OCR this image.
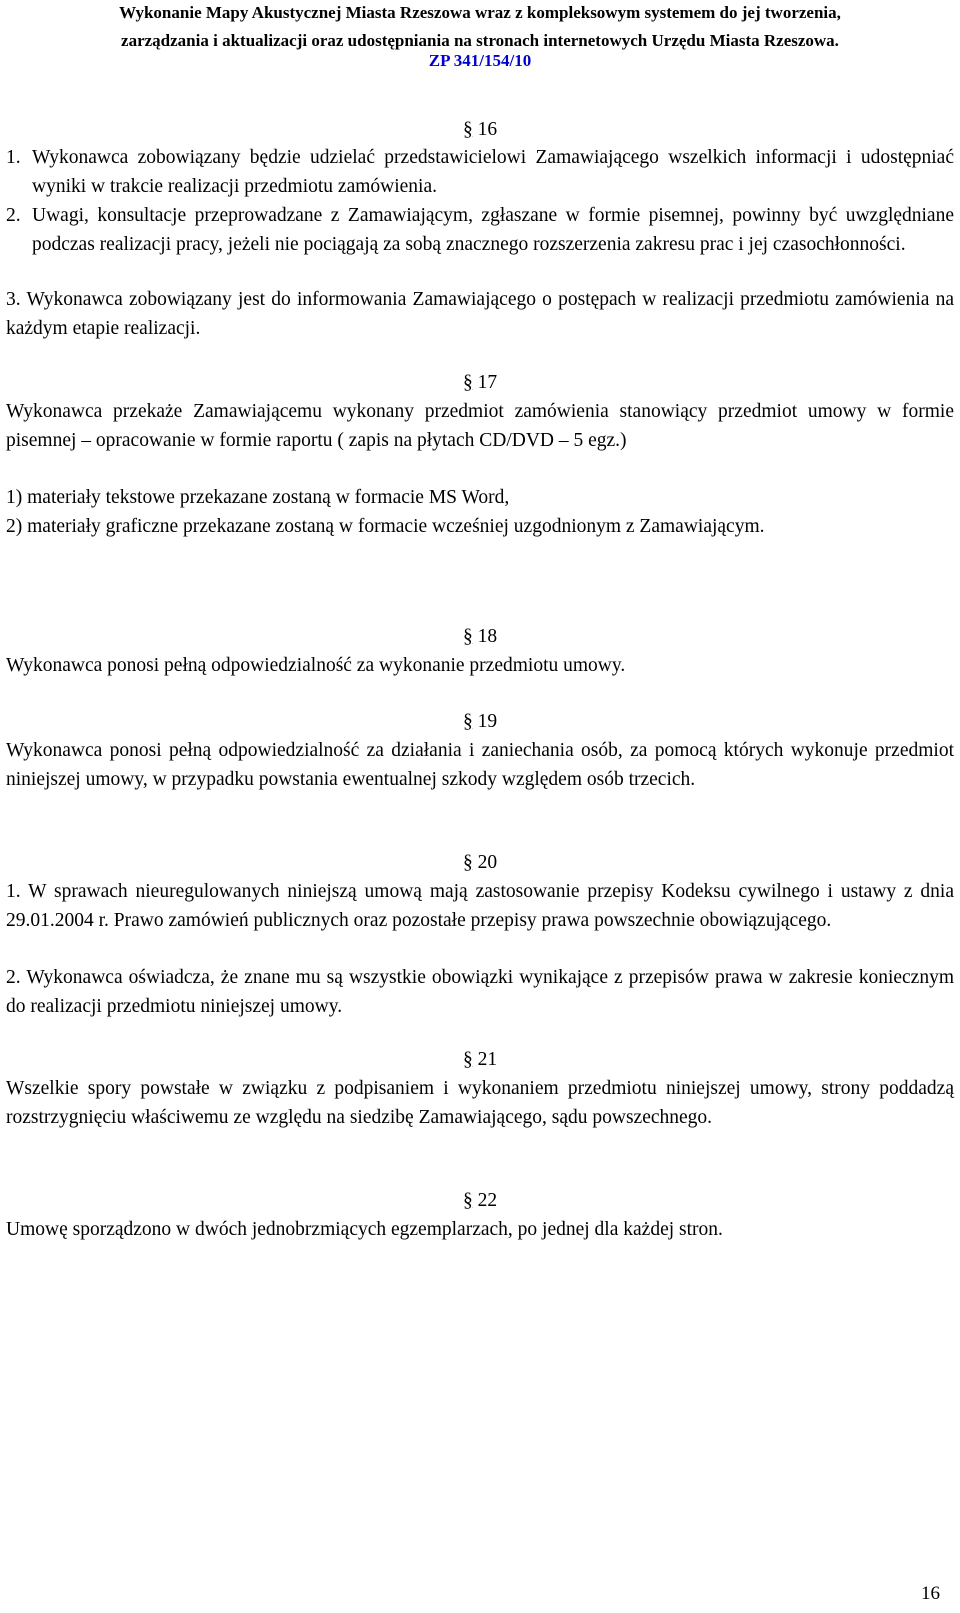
Wykonanie Mapy Akustycznej Miasta Rzeszowa wraz z kompleksowym systemem do jej tworzenia,
zarządzania i aktualizacji oraz udostępniania na stronach internetowych Urzędu Miasta Rzeszowa.
ZP 341/154/10
§ 16
1. Wykonawca zobowiązany będzie udzielać przedstawicielowi Zamawiającego wszelkich informacji i udostępniać wyniki w trakcie realizacji przedmiotu zamówienia.
2. Uwagi, konsultacje przeprowadzane z Zamawiającym, zgłaszane w formie pisemnej, powinny być uwzględniane podczas realizacji pracy, jeżeli nie pociągają za sobą znacznego rozszerzenia zakresu prac i jej czasochłonności.
3. Wykonawca zobowiązany jest do informowania Zamawiającego o postępach w realizacji przedmiotu zamówienia na każdym etapie realizacji.
§ 17
Wykonawca przekaże Zamawiającemu wykonany przedmiot zamówienia stanowiący przedmiot umowy w formie pisemnej – opracowanie w formie raportu ( zapis na płytach CD/DVD – 5 egz.)
1) materiały tekstowe przekazane zostaną w formacie MS Word,
2) materiały graficzne przekazane zostaną w formacie wcześniej uzgodnionym z Zamawiającym.
§ 18
Wykonawca ponosi pełną odpowiedzialność za wykonanie przedmiotu umowy.
§ 19
Wykonawca ponosi pełną odpowiedzialność za działania i zaniechania osób, za pomocą których wykonuje przedmiot niniejszej umowy, w przypadku powstania ewentualnej szkody względem osób trzecich.
§ 20
1. W sprawach nieuregulowanych niniejszą umową mają zastosowanie przepisy Kodeksu cywilnego i ustawy z dnia 29.01.2004 r. Prawo zamówień publicznych oraz pozostałe przepisy prawa powszechnie obowiązującego.
2. Wykonawca oświadcza, że znane mu są wszystkie obowiązki wynikające z przepisów prawa w zakresie koniecznym do realizacji przedmiotu niniejszej umowy.
§ 21
Wszelkie spory powstałe w związku z podpisaniem i wykonaniem przedmiotu niniejszej umowy, strony poddadzą rozstrzygnięciu właściwemu ze względu na siedzibę Zamawiającego, sądu powszechnego.
§ 22
Umowę sporządzono w dwóch jednobrzmiących egzemplarzach, po jednej dla każdej stron.
16
